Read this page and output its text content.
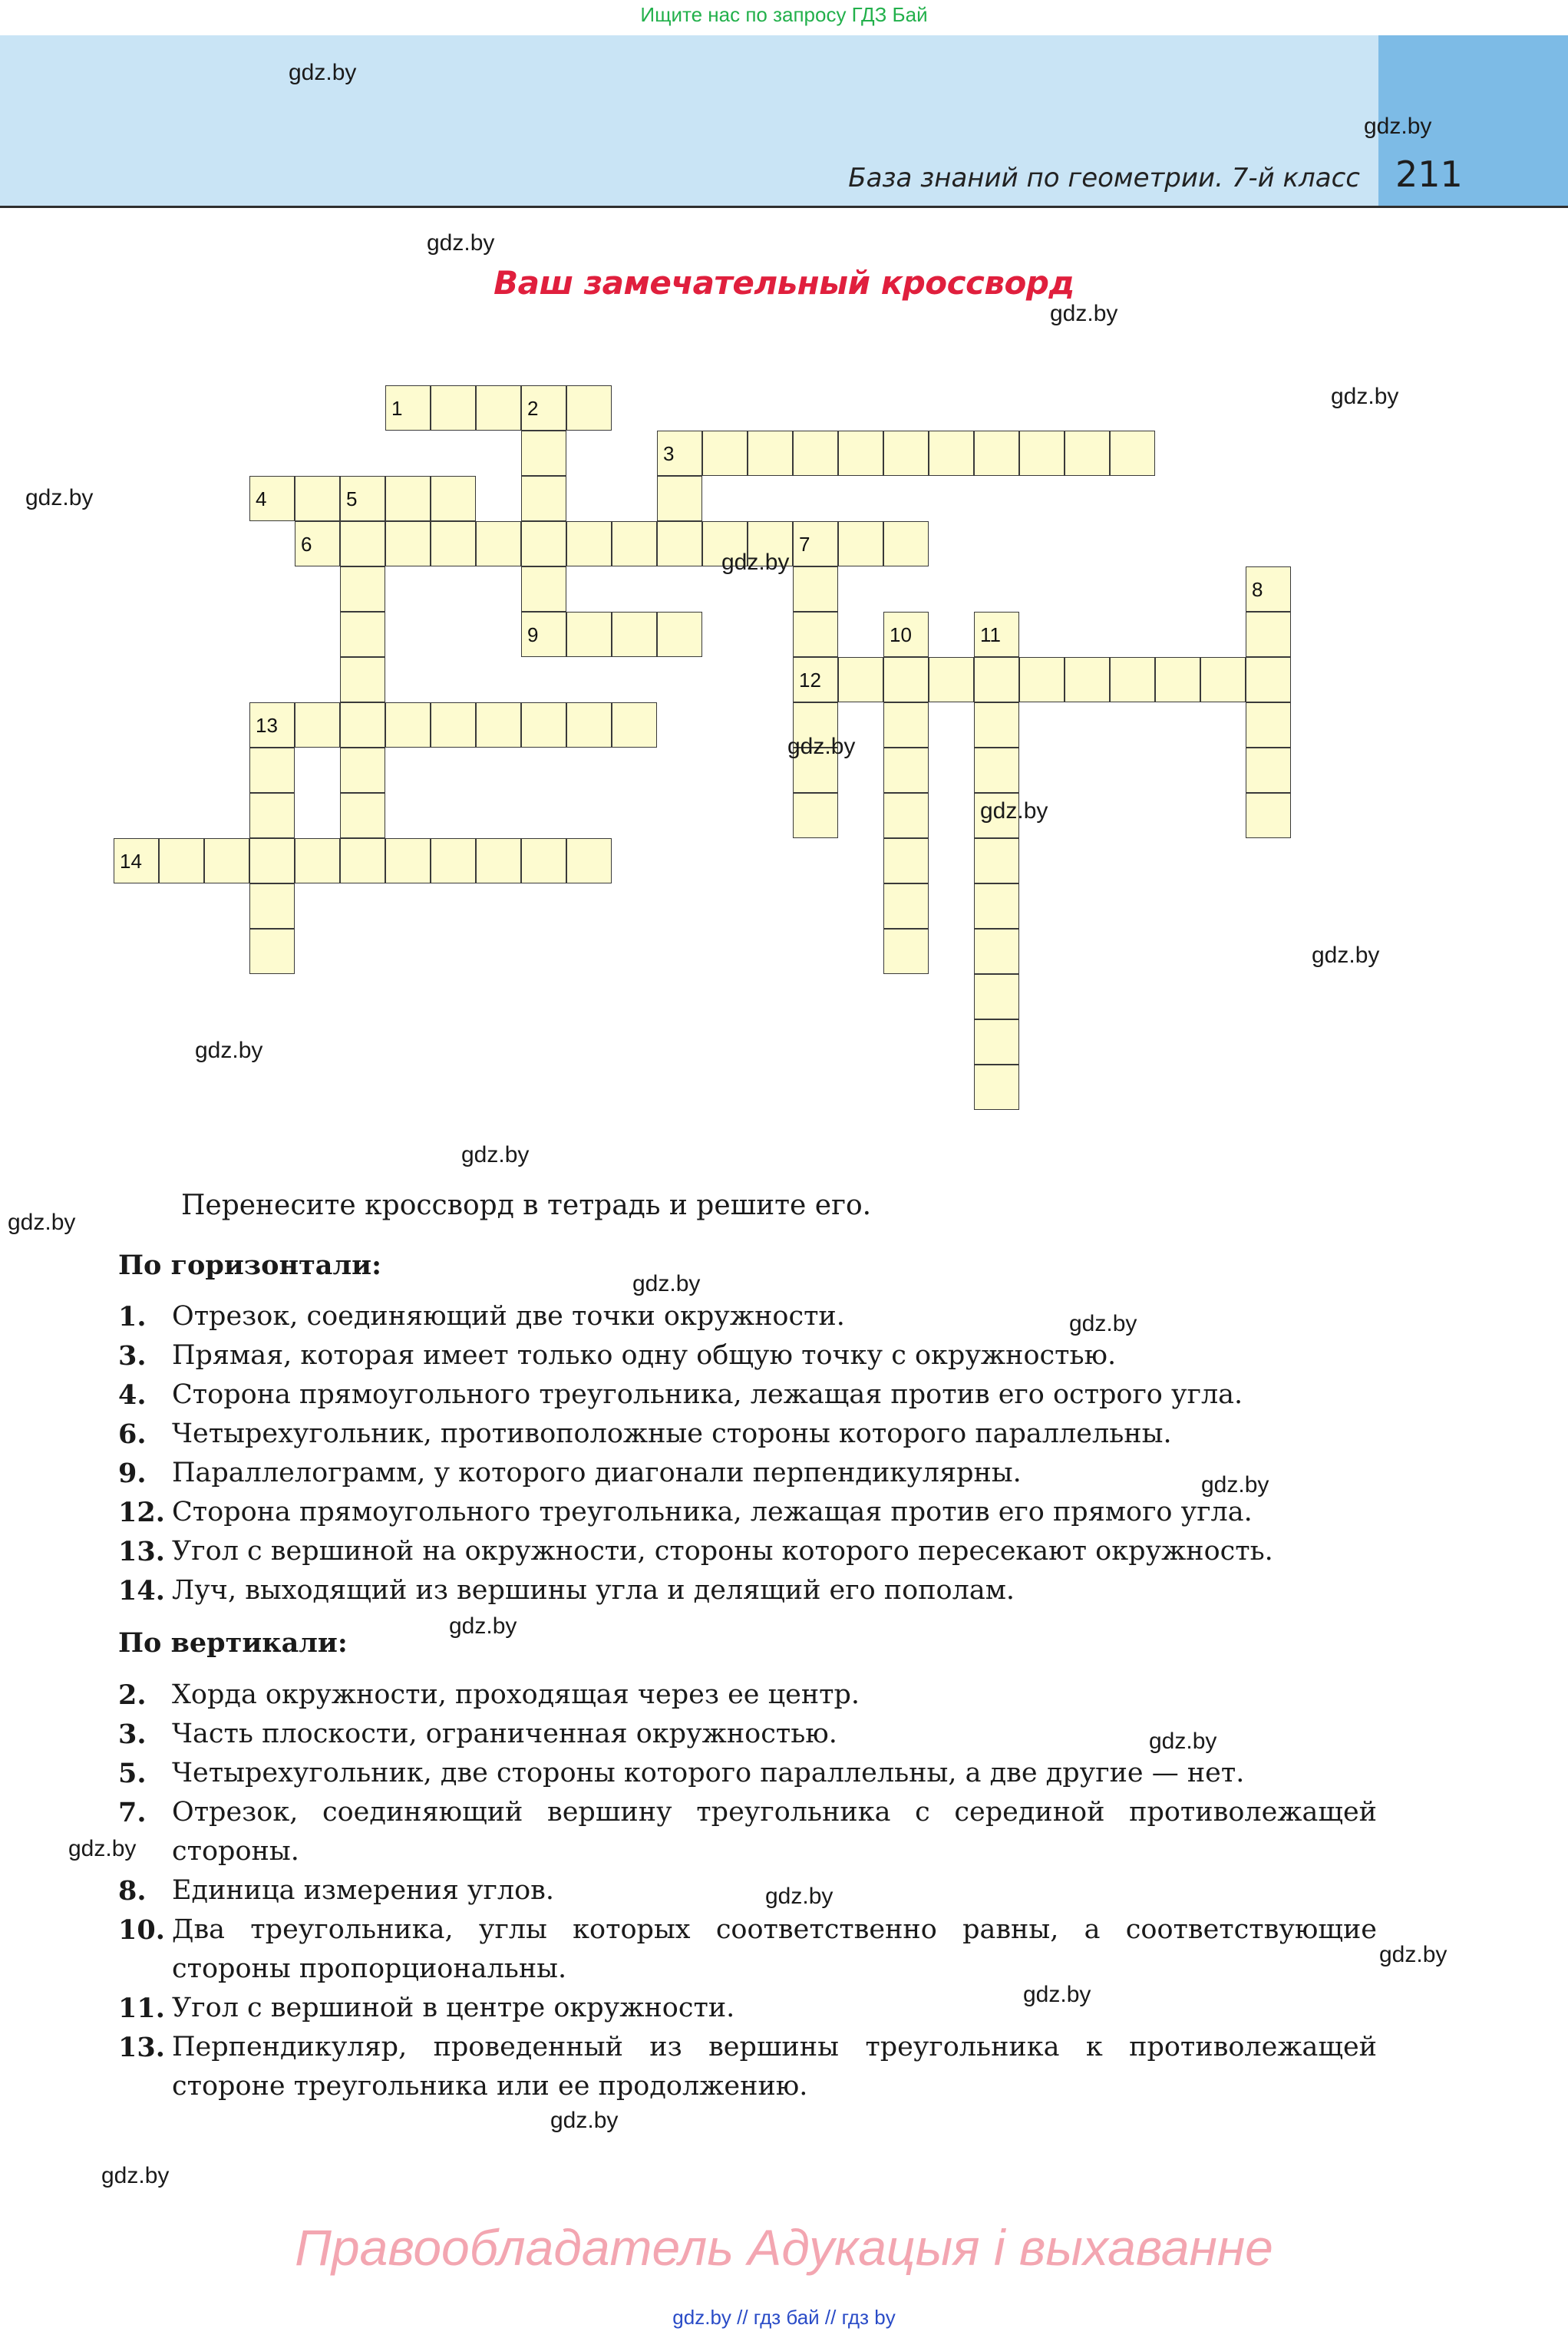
Ищите нас по запросу ГДЗ Бай
База знаний по геометрии. 7-й класс 211
Ваш замечательный кроссворд
1	2
9
3
4	5
6	7
12
8
10	11
13
14
Перенесите кроссворд в тетрадь и решите его.
По горизонтали:
1. Отрезок, соединяющий две точки окружности.
3. Прямая, которая имеет только одну общую точку с окружностью.
4. Сторона прямоугольного треугольника, лежащая против его острого угла.
6. Четырехугольник, противоположные стороны которого параллельны.
9. Параллелограмм, у которого диагонали перпендикулярны.
12. Сторона прямоугольного треугольника, лежащая против его прямого угла.
13. Угол с вершиной на окружности, стороны которого пересекают окружность.
14. Луч, выходящий из вершины угла и делящий его пополам.
По вертикали:
2. Хорда окружности, проходящая через ее центр.
3. Часть плоскости, ограниченная окружностью.
5. Четырехугольник, две стороны которого параллельны, а две другие — нет.
7. Отрезок, соединяющий вершину треугольника с серединой противолежащей стороны.
8. Единица измерения углов.
10. Два треугольника, углы которых соответственно равны, а соответствующие стороны пропорциональны.
11. Угол с вершиной в центре окружности.
13. Перпендикуляр, проведенный из вершины треугольника к противолежащей стороне треугольника или ее продолжению.
Правообладатель Адукацыя і выхаванне
gdz.by // гдз бай // гдз by
gdz.by
gdz.by
gdz.by
gdz.by
gdz.by
gdz.by
gdz.by
gdz.by
gdz.by
gdz.by
gdz.by
gdz.by
gdz.by
gdz.by
gdz.by
gdz.by
gdz.by
gdz.by
gdz.by
gdz.by
gdz.by
gdz.by
gdz.by
gdz.by
